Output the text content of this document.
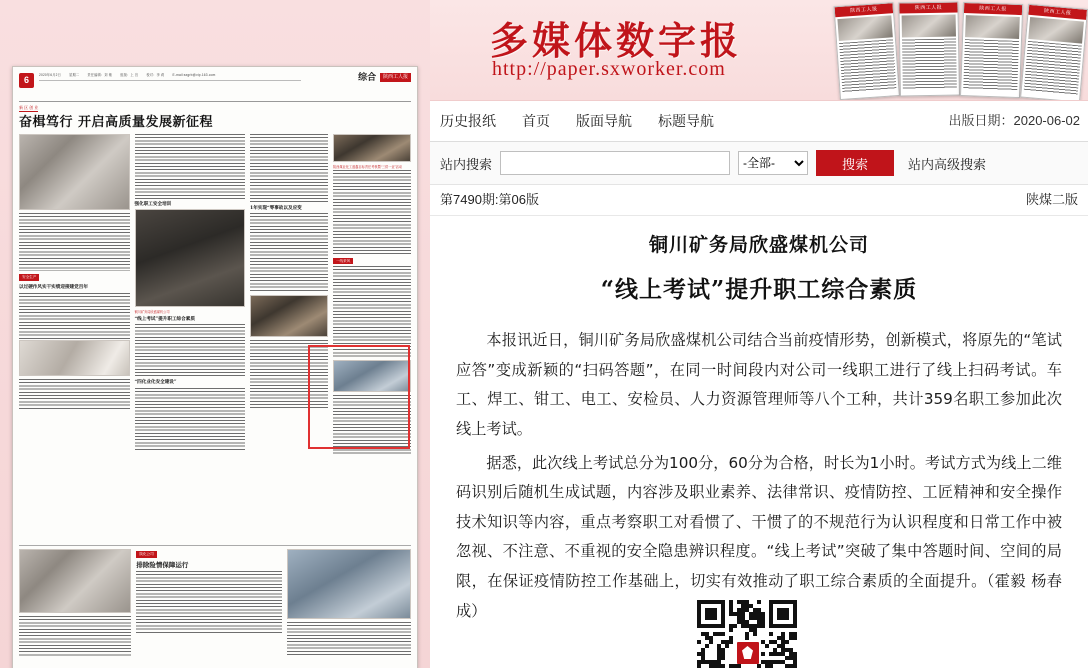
6	2020年6月2日	星期二	责任编辑：刘 敏	组版：上 官	校对：李 莉	E-mail:sxgrb@vip.163.com	综合 陕西工人报
新 区 创 业
奋楫笃行 开启高质量发展新征程
安全生产
以过硬作风实干实绩迎接建党百年
强化职工安全培训
铜川矿务局欣盛煤机公司
“线上考试”提升职工综合素质
“四化业化安全建设”
1年实现“零事故以及应变
陕西煤业化工盛鑫目标责任考核暨“三供一业”活动
一线采风
陕化公司
排除险情保障运行
多媒体数字报
http://paper.sxworker.com
陕西工人报	陕西工人报	陕西工人报	陕西工人报
历史报纸 首页 版面导航 标题导航	出版日期：2020-06-02
站内搜索
-全部-	搜索	站内高级搜索
第7490期:第06版	陕煤二版
铜川矿务局欣盛煤机公司
“线上考试”提升职工综合素质

本报讯近日，铜川矿务局欣盛煤机公司结合当前疫情形势，创新模式，将原先的“笔试应答”变成新颖的“扫码答题”，在同一时间段内对公司一线职工进行了线上扫码考试。车工、焊工、钳工、电工、安检员、人力资源管理师等八个工种，共计359名职工参加此次线上考试。

据悉，此次线上考试总分为100分，60分为合格，时长为1小时。考试方式为线上二维码识别后随机生成试题，内容涉及职业素养、法律常识、疫情防控、工匠精神和安全操作技术知识等内容，重点考察职工对看惯了、干惯了的不规范行为认识程度和日常工作中被忽视、不注意、不重视的安全隐患辨识程度。“线上考试”突破了集中答题时间、空间的局限，在保证疫情防控工作基础上，切实有效推动了职工综合素质的全面提升。（霍毅 杨春成）
